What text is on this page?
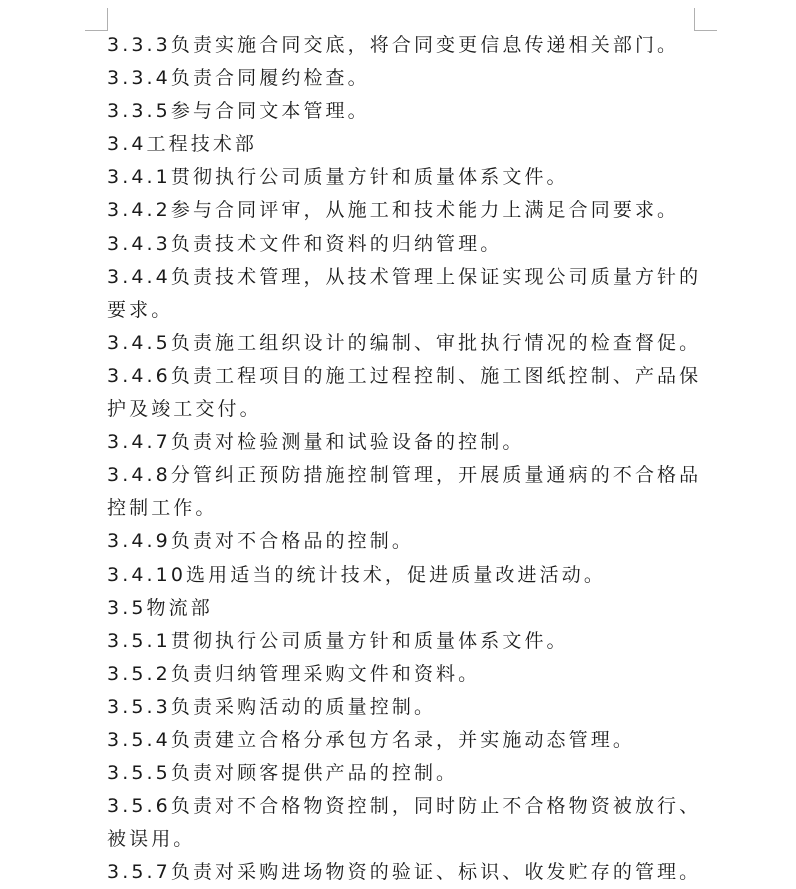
3.3.3负责实施合同交底，将合同变更信息传递相关部门。

3.3.4负责合同履约检查。

3.3.5参与合同文本管理。

3.4工程技术部

3.4.1贯彻执行公司质量方针和质量体系文件。

3.4.2参与合同评审，从施工和技术能力上满足合同要求。

3.4.3负责技术文件和资料的归纳管理。

3.4.4负责技术管理，从技术管理上保证实现公司质量方针的要求。

3.4.5负责施工组织设计的编制、审批执行情况的检查督促。

3.4.6负责工程项目的施工过程控制、施工图纸控制、产品保护及竣工交付。

3.4.7负责对检验测量和试验设备的控制。

3.4.8分管纠正预防措施控制管理，开展质量通病的不合格品控制工作。

3.4.9负责对不合格品的控制。

3.4.10选用适当的统计技术，促进质量改进活动。

3.5物流部

3.5.1贯彻执行公司质量方针和质量体系文件。

3.5.2负责归纳管理采购文件和资料。

3.5.3负责采购活动的质量控制。

3.5.4负责建立合格分承包方名录，并实施动态管理。

3.5.5负责对顾客提供产品的控制。

3.5.6负责对不合格物资控制，同时防止不合格物资被放行、被误用。

3.5.7负责对采购进场物资的验证、标识、收发贮存的管理。
